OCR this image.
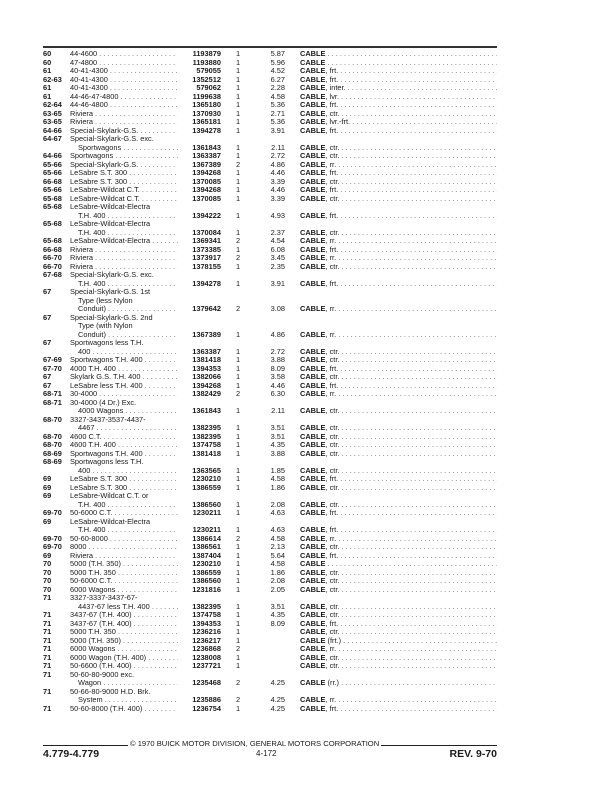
60	44-4600 . . .	1193879	1	5.87 CABLE . . .
60	47-4800 . . .	1193880	1	5.96 CABLE . . .
61	40-41-4300 . . .	579055	1	4.52 CABLE, frt. . . .
62-63	40-41-4300 . . .	1352512	1	6.27 CABLE, frt. . . .
61	40-41-4300 . . .	579062	1	2.28 CABLE, inter. . . .
61	44-46-47-4800 . . .	1199638	1	4.58 CABLE, lvr. . . .
62-64	44-46-4800 . . .	1365180	1	5.36 CABLE, frt. . . .
63-65	Riviera . . .	1370930	1	2.71 CABLE, ctr. . . .
63-65	Riviera . . .	1365181	1	5.36 CABLE, lvr.-frt. . . .
64-66	Special-Skylark-G.S. . . .	1394278	1	3.91 CABLE, frt. . . .
64-67	Special-Skylark-G.S. exc.
Sportwagons . . .	1361843	1	2.11 CABLE, ctr. . . .
64-66	Sportwagons . . .	1363387	1	2.72 CABLE, ctr. . . .
65-66	Special-Skylark-G.S. . . .	1367389	2	4.86 CABLE, rr. . . .
65-66	LeSabre S.T. 300 . . .	1394268	1	4.46 CABLE, frt. . . .
66-68	LeSabre S.T. 300 . . .	1370085	1	3.39 CABLE, ctr. . . .
65-66	LeSabre-Wildcat C.T. . . .	1394268	1	4.46 CABLE, frt. . . .
65-68	LeSabre-Wildcat C.T. . . .	1370085	1	3.39 CABLE, ctr. . . .
65-68	LeSabre-Wildcat-Electra
T.H. 400 . . .	1394222	1	4.93 CABLE, frt. . . .
65-68	LeSabre-Wildcat-Electra
T.H. 400 . . .	1370084	1	2.37 CABLE, ctr. . . .
65-68	LeSabre-Wildcat-Electra . . .	1369341	2	4.54 CABLE, rr. . . .
66-68	Riviera . . .	1373385	1	6.08 CABLE, frt. . . .
66-70	Riviera . . .	1373917	2	3.45 CABLE, rr. . . .
66-70	Riviera . . .	1378155	1	2.35 CABLE, ctr. . . .
67-68	Special-Skylark-G.S. exc.
T.H. 400 . . .	1394278	1	3.91 CABLE, frt. . . .
67	Special-Skylark-G.S. 1st
Type (less Nylon
Conduit) . . .	1379642	2	3.08 CABLE, rr. . . .
67	Special-Skylark-G.S. 2nd
Type (with Nylon
Conduit) . . .	1367389	1	4.86 CABLE, rr. . . .
67	Sportwagons less T.H.
400 . . .	1363387	1	2.72 CABLE, ctr. . . .
67-69	Sportwagons T.H. 400 . . .	1381418	1	3.88 CABLE, ctr. . . .
67-70	4000 T.H. 400 . . .	1394353	1	8.09 CABLE, frt. . . .
67	Skylark G.S. T.H. 400 . . .	1382066	1	3.58 CABLE, ctr. . . .
67	LeSabre less T.H. 400 . . .	1394268	1	4.46 CABLE, frt. . . .
68-71	30-4000 . . .	1382429	2	6.30 CABLE, rr. . . .
68-71	30-4000 (4 Dr.) Exc.
4000 Wagons . . .	1361843	1	2.11 CABLE, ctr. . . .
68-70	3327-3437-3537-4437-
4467 . . .	1382395	1	3.51 CABLE, ctr. . . .
68-70	4600 C.T. . . .	1382395	1	3.51 CABLE, ctr. . . .
68-70	4600 T.H. 400 . . .	1374758	1	4.35 CABLE, ctr. . . .
68-69	Sportwagons T.H. 400 . . .	1381418	1	3.88 CABLE, ctr. . . .
68-69	Sportwagons less T.H.
400 . . .	1363565	1	1.85 CABLE, ctr. . . .
69	LeSabre S.T. 300 . . .	1230210	1	4.58 CABLE, frt. . . .
69	LeSabre S.T. 300 . . .	1386559	1	1.86 CABLE, ctr. . . .
69	LeSabre-Wildcat C.T. or
T.H. 400 . . .	1386560	1	2.08 CABLE, ctr. . . .
69-70	50-6000 C.T. . . .	1230211	1	4.63 CABLE, frt. . . .
69	LeSabre-Wildcat-Electra
T.H. 400 . . .	1230211	1	4.63 CABLE, frt. . . .
69-70	50-60-8000 . . .	1386614	2	4.58 CABLE, rr. . . .
69-70	8000 . . .	1386561	1	2.13 CABLE, ctr. . . .
69	Riviera . . .	1387404	1	5.64 CABLE, frt. . . .
70	5000 (T.H. 350) . . .	1230210	1	4.58 CABLE . . .
70	5000 T.H. 350 . . .	1386559	1	1.86 CABLE, ctr. . . .
70	50-6000 C.T. . . .	1386560	1	2.08 CABLE, ctr. . . .
70	6000 Wagons . . .	1231816	1	2.05 CABLE, ctr. . . .
71	3327-3337-3437-67-
4437-67 less T.H. 400 . . .	1382395	1	3.51 CABLE, ctr. . . .
71	3437-67 (T.H. 400) . . .	1374758	1	4.35 CABLE, ctr. . . .
71	3437-67 (T.H. 400) . . .	1394353	1	8.09 CABLE, frt. . . .
71	5000 T.H. 350 . . .	1236216	1	CABLE, ctr. . . .
71	5000 (T.H. 350) . . .	1236217	1	CABLE (frt.) . . .
71	6000 Wagons . . .	1236868	2	CABLE, rr. . . .
71	6000 Wagon (T.H. 400) . . .	1238008	1	CABLE, ctr. . . .
71	50-6600 (T.H. 400) . . .	1237721	1	CABLE, ctr. . . .
71	50-60-80-9000 exc.
Wagon . . .	1235468	2	4.25 CABLE (rr.) . . .
71	50-66-80-9000 H.D. Brk.
System . . .	1235886	2	4.25 CABLE, rr. . . .
71	50-60-8000 (T.H. 400) . . .	1236754	1	4.25 CABLE, frt. . . .
© 1970 BUICK MOTOR DIVISION, GENERAL MOTORS CORPORATION
4.779-4.779	4-172	REV. 9-70
